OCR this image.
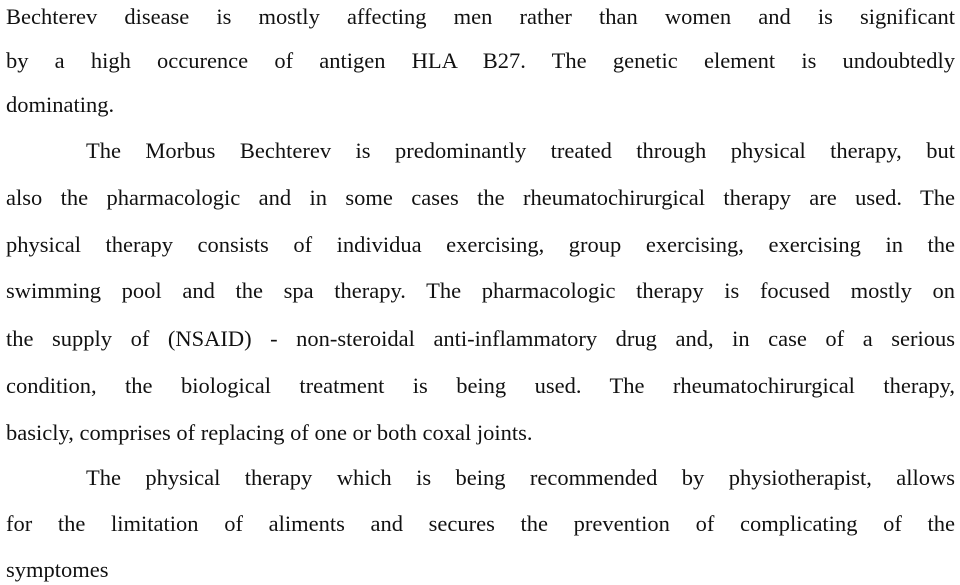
Bechterev disease is mostly affecting men rather than women and is significant
by a high occurence of antigen HLA B27. The genetic element is undoubtedly
dominating.
The Morbus Bechterev is predominantly treated through physical therapy, but
also the pharmacologic and in some cases the rheumatochirurgical therapy are used. The
physical therapy consists of individua exercising, group exercising, exercising in the
swimming pool and the spa therapy. The pharmacologic therapy is focused mostly on
the supply of (NSAID) - non-steroidal anti-inflammatory drug and, in case of a serious
condition, the biological treatment is being used. The rheumatochirurgical therapy,
basicly, comprises of replacing of one or both coxal joints.
The physical therapy which is being recommended by physiotherapist, allows
for the limitation of aliments and secures the prevention of complicating of the
symptomes
